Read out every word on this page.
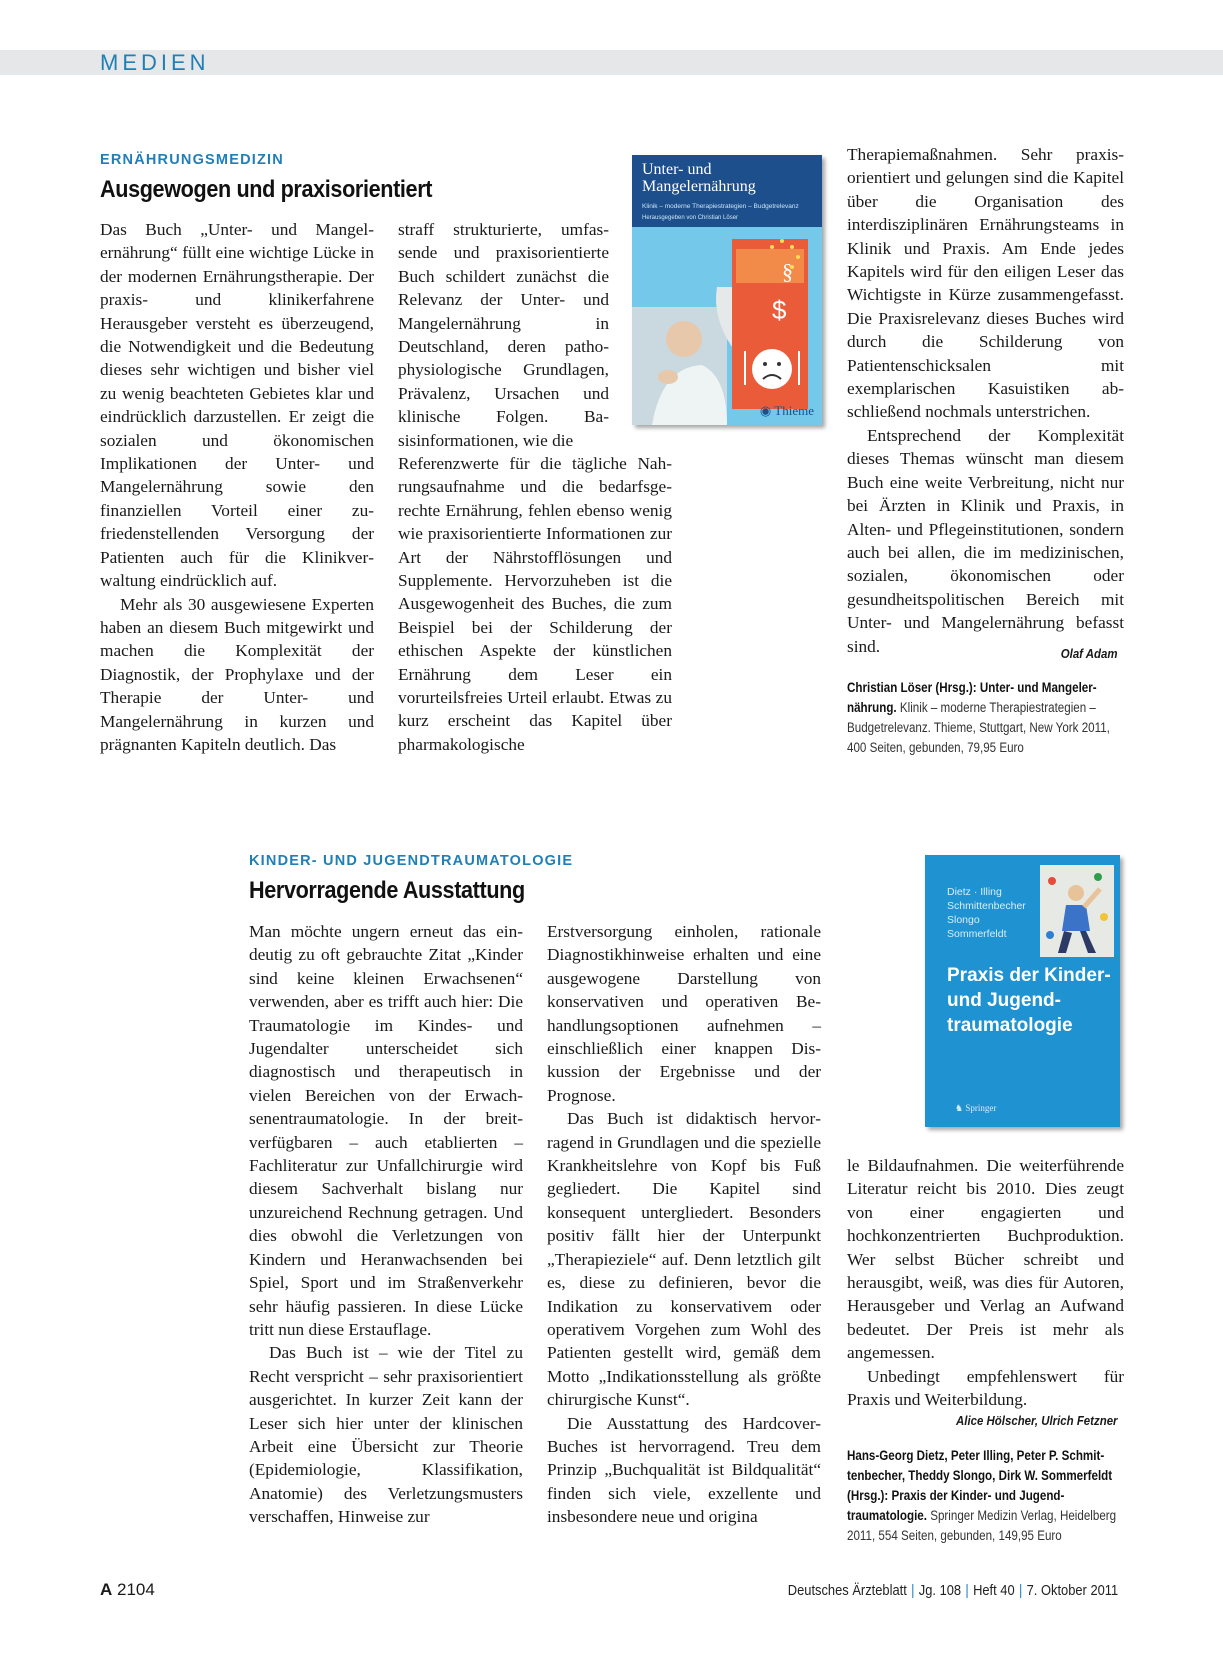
MEDIEN
ERNÄHRUNGSMEDIZIN
Ausgewogen und praxisorientiert

Das Buch „Unter- und Mangelernährung“ füllt eine wichtige Lücke in der modernen Ernährungstherapie. Der praxis- und klinikerfahrene Herausgeber versteht es überzeugend, die Notwendigkeit und die Bedeutung dieses sehr wichtigen und bisher viel zu wenig beachteten Gebietes klar und eindrücklich darzustellen. Er zeigt die sozialen und ökonomischen Implikationen der Unter- und Mangelernährung sowie den finanziellen Vorteil einer zufriedenstellenden Versorgung der Patienten auch für die Klinikverwaltung eindrücklich auf.

Mehr als 30 ausgewiesene Experten haben an diesem Buch mitgewirkt und machen die Komplexität der Diagnostik, der Prophylaxe und der Therapie der Unter- und Mangelernährung in kurzen und prägnanten Kapiteln deutlich. Das

straff strukturierte, umfassende und praxisorientierte Buch schildert zunächst die Relevanz der Unter- und Mangelernährung in Deutschland, deren pathophysiologische Grundlagen, Prävalenz, Ursachen und klinische Folgen. Basisinformationen, wie die

Referenzwerte für die tägliche Nahrungsaufnahme und die bedarfsgerechte Ernährung, fehlen ebenso wenig wie praxisorientierte Informationen zur Art der Nährstofflösungen und Supplemente. Hervorzuheben ist die Ausgewogenheit des Buches, die zum Beispiel bei der Schilderung der ethischen Aspekte der künstlichen Ernährung dem Leser ein vorurteilsfreies Urteil erlaubt. Etwas zu kurz erscheint das Kapitel über pharmakologische

Unter- und
Mangelernährung
Klinik – moderne Therapiestrategien – Budgetrelevanz
Herausgegeben von Christian Löser
§
$
◉ Thieme

Therapiemaßnahmen. Sehr praxisorientiert und gelungen sind die Kapitel über die Organisation des interdisziplinären Ernährungsteams in Klinik und Praxis. Am Ende jedes Kapitels wird für den eiligen Leser das Wichtigste in Kürze zusammengefasst. Die Praxisrelevanz dieses Buches wird durch die Schilderung von Patientenschicksalen mit exemplarischen Kasuistiken abschließend nochmals unterstrichen.

Entsprechend der Komplexität dieses Themas wünscht man diesem Buch eine weite Verbreitung, nicht nur bei Ärzten in Klinik und Praxis, in Alten- und Pflegeinstitutionen, sondern auch bei allen, die im medizinischen, sozialen, ökonomischen oder gesundheitspolitischen Bereich mit Unter- und Mangelernährung befasst sind.	Olaf Adam
Christian Löser (Hrsg.): Unter- und Mangelernährung. Klinik – moderne Therapiestrategien – Budgetrelevanz. Thieme, Stuttgart, New York 2011, 400 Seiten, gebunden, 79,95 Euro
KINDER- UND JUGENDTRAUMATOLOGIE
Hervorragende Ausstattung

Man möchte ungern erneut das eindeutig zu oft gebrauchte Zitat „Kinder sind keine kleinen Erwachsenen“ verwenden, aber es trifft auch hier: Die Traumatologie im Kindes- und Jugendalter unterscheidet sich diagnostisch und therapeutisch in vielen Bereichen von der Erwachsenentraumatologie. In der breitverfügbaren – auch etablierten – Fachliteratur zur Unfallchirurgie wird diesem Sachverhalt bislang nur unzureichend Rechnung getragen. Und dies obwohl die Verletzungen von Kindern und Heranwachsenden bei Spiel, Sport und im Straßenverkehr sehr häufig passieren. In diese Lücke tritt nun diese Erstauflage.

Das Buch ist – wie der Titel zu Recht verspricht – sehr praxisorientiert ausgerichtet. In kurzer Zeit kann der Leser sich hier unter der klinischen Arbeit eine Übersicht zur Theorie (Epidemiologie, Klassifikation, Anatomie) des Verletzungsmusters verschaffen, Hinweise zur

Erstversorgung einholen, rationale Diagnostikhinweise erhalten und eine ausgewogene Darstellung von konservativen und operativen Behandlungsoptionen aufnehmen – einschließlich einer knappen Diskussion der Ergebnisse und der Prognose.

Das Buch ist didaktisch hervorragend in Grundlagen und die spezielle Krankheitslehre von Kopf bis Fuß gegliedert. Die Kapitel sind konsequent untergliedert. Besonders positiv fällt hier der Unterpunkt „Therapieziele“ auf. Denn letztlich gilt es, diese zu definieren, bevor die Indikation zu konservativem oder operativem Vorgehen zum Wohl des Patienten gestellt wird, gemäß dem Motto „Indikationsstellung als größte chirurgische Kunst“.

Die Ausstattung des Hardcover-Buches ist hervorragend. Treu dem Prinzip „Buchqualität ist Bildqualität“ finden sich viele, exzellente und insbesondere neue und origina

Dietz · Illing
Schmittenbecher
Slongo
Sommerfeldt
Praxis der Kinder-
und Jugend-
traumatologie
♞ Springer

le Bildaufnahmen. Die weiterführende Literatur reicht bis 2010. Dies zeugt von einer engagierten und hochkonzentrierten Buchproduktion. Wer selbst Bücher schreibt und herausgibt, weiß, was dies für Autoren, Herausgeber und Verlag an Aufwand bedeutet. Der Preis ist mehr als angemessen.

Unbedingt empfehlenswert für Praxis und Weiterbildung.

Alice Hölscher, Ulrich Fetzner
Hans-Georg Dietz, Peter Illing, Peter P. Schmittenbecher, Theddy Slongo, Dirk W. Sommerfeldt (Hrsg.): Praxis der Kinder- und Jugendtraumatologie. Springer Medizin Verlag, Heidelberg 2011, 554 Seiten, gebunden, 149,95 Euro
A 2104	Deutsches Ärzteblatt | Jg. 108 | Heft 40 | 7. Oktober 2011
